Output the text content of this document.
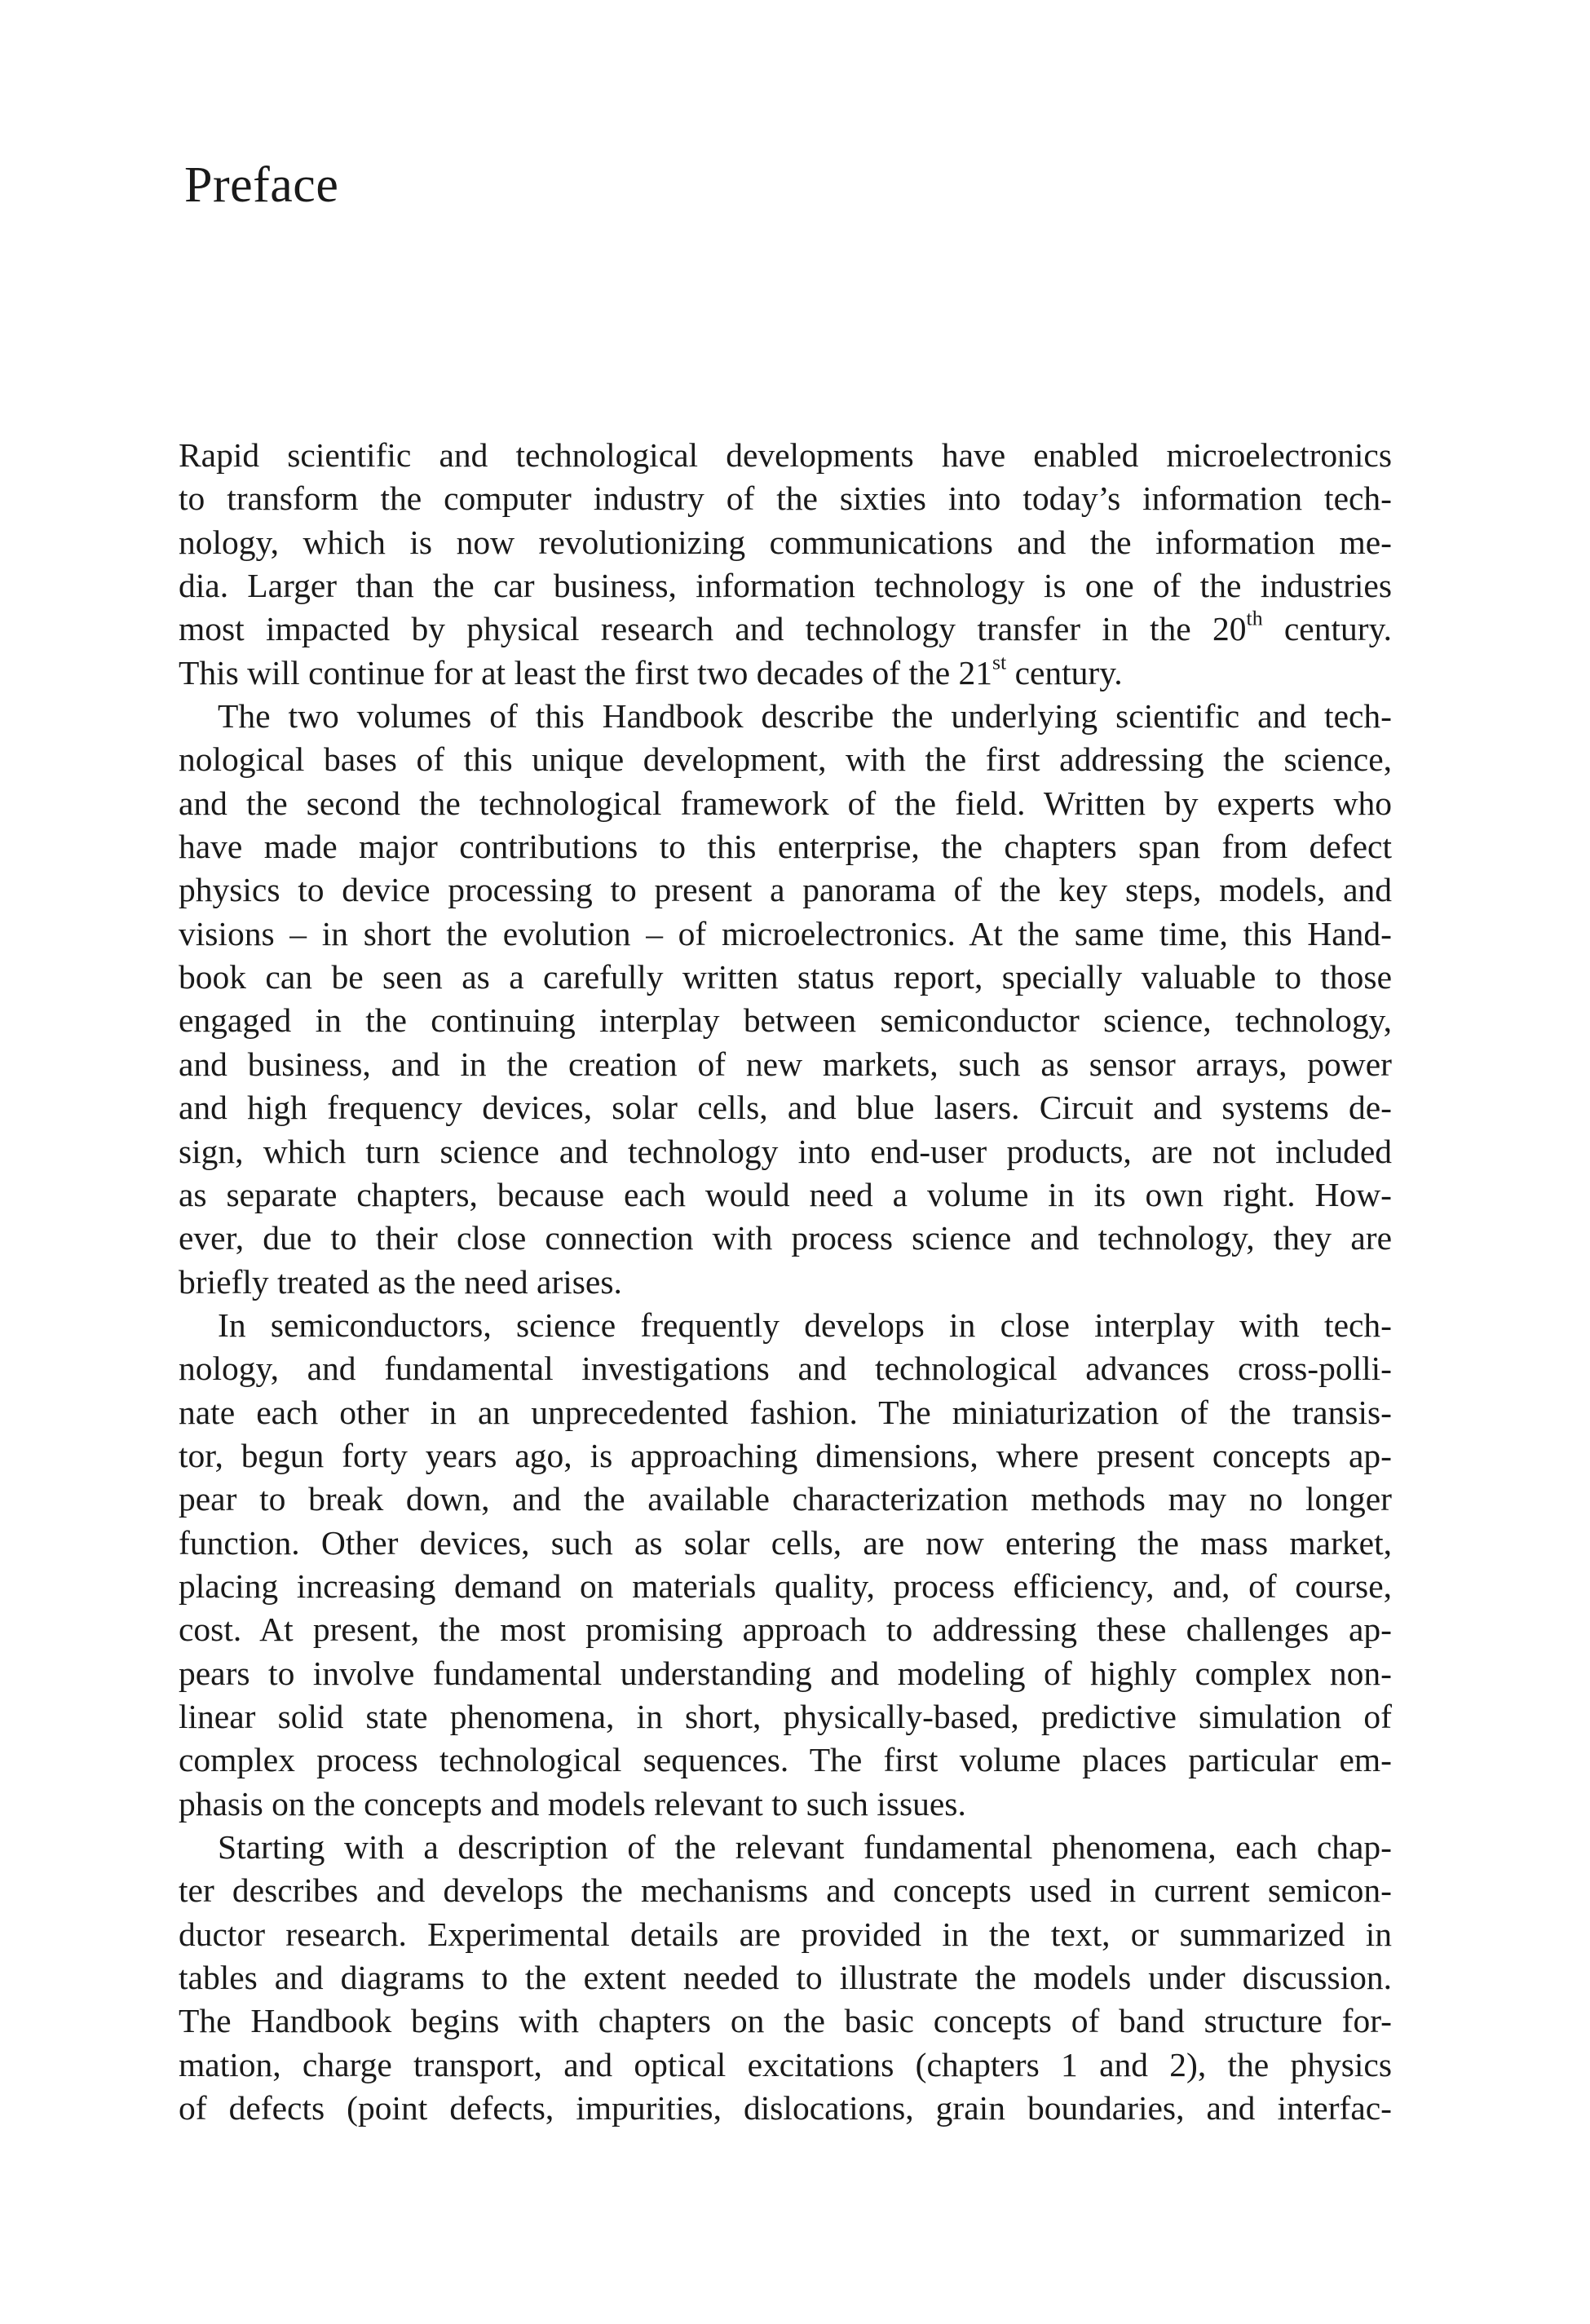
Preface
Rapid scientific and technological developments have enabled microelectronics
to transform the computer industry of the sixties into today’s information tech-
nology, which is now revolutionizing communications and the information me-
dia. Larger than the car business, information technology is one of the industries
most impacted by physical research and technology transfer in the 20th century.
This will continue for at least the first two decades of the 21st century.
The two volumes of this Handbook describe the underlying scientific and tech-
nological bases of this unique development, with the first addressing the science,
and the second the technological framework of the field. Written by experts who
have made major contributions to this enterprise, the chapters span from defect
physics to device processing to present a panorama of the key steps, models, and
visions – in short the evolution – of microelectronics. At the same time, this Hand-
book can be seen as a carefully written status report, specially valuable to those
engaged in the continuing interplay between semiconductor science, technology,
and business, and in the creation of new markets, such as sensor arrays, power
and high frequency devices, solar cells, and blue lasers. Circuit and systems de-
sign, which turn science and technology into end-user products, are not included
as separate chapters, because each would need a volume in its own right. How-
ever, due to their close connection with process science and technology, they are
briefly treated as the need arises.
In semiconductors, science frequently develops in close interplay with tech-
nology, and fundamental investigations and technological advances cross-polli-
nate each other in an unprecedented fashion. The miniaturization of the transis-
tor, begun forty years ago, is approaching dimensions, where present concepts ap-
pear to break down, and the available characterization methods may no longer
function. Other devices, such as solar cells, are now entering the mass market,
placing increasing demand on materials quality, process efficiency, and, of course,
cost. At present, the most promising approach to addressing these challenges ap-
pears to involve fundamental understanding and modeling of highly complex non-
linear solid state phenomena, in short, physically-based, predictive simulation of
complex process technological sequences. The first volume places particular em-
phasis on the concepts and models relevant to such issues.
Starting with a description of the relevant fundamental phenomena, each chap-
ter describes and develops the mechanisms and concepts used in current semicon-
ductor research. Experimental details are provided in the text, or summarized in
tables and diagrams to the extent needed to illustrate the models under discussion.
The Handbook begins with chapters on the basic concepts of band structure for-
mation, charge transport, and optical excitations (chapters 1 and 2), the physics
of defects (point defects, impurities, dislocations, grain boundaries, and interfac-
